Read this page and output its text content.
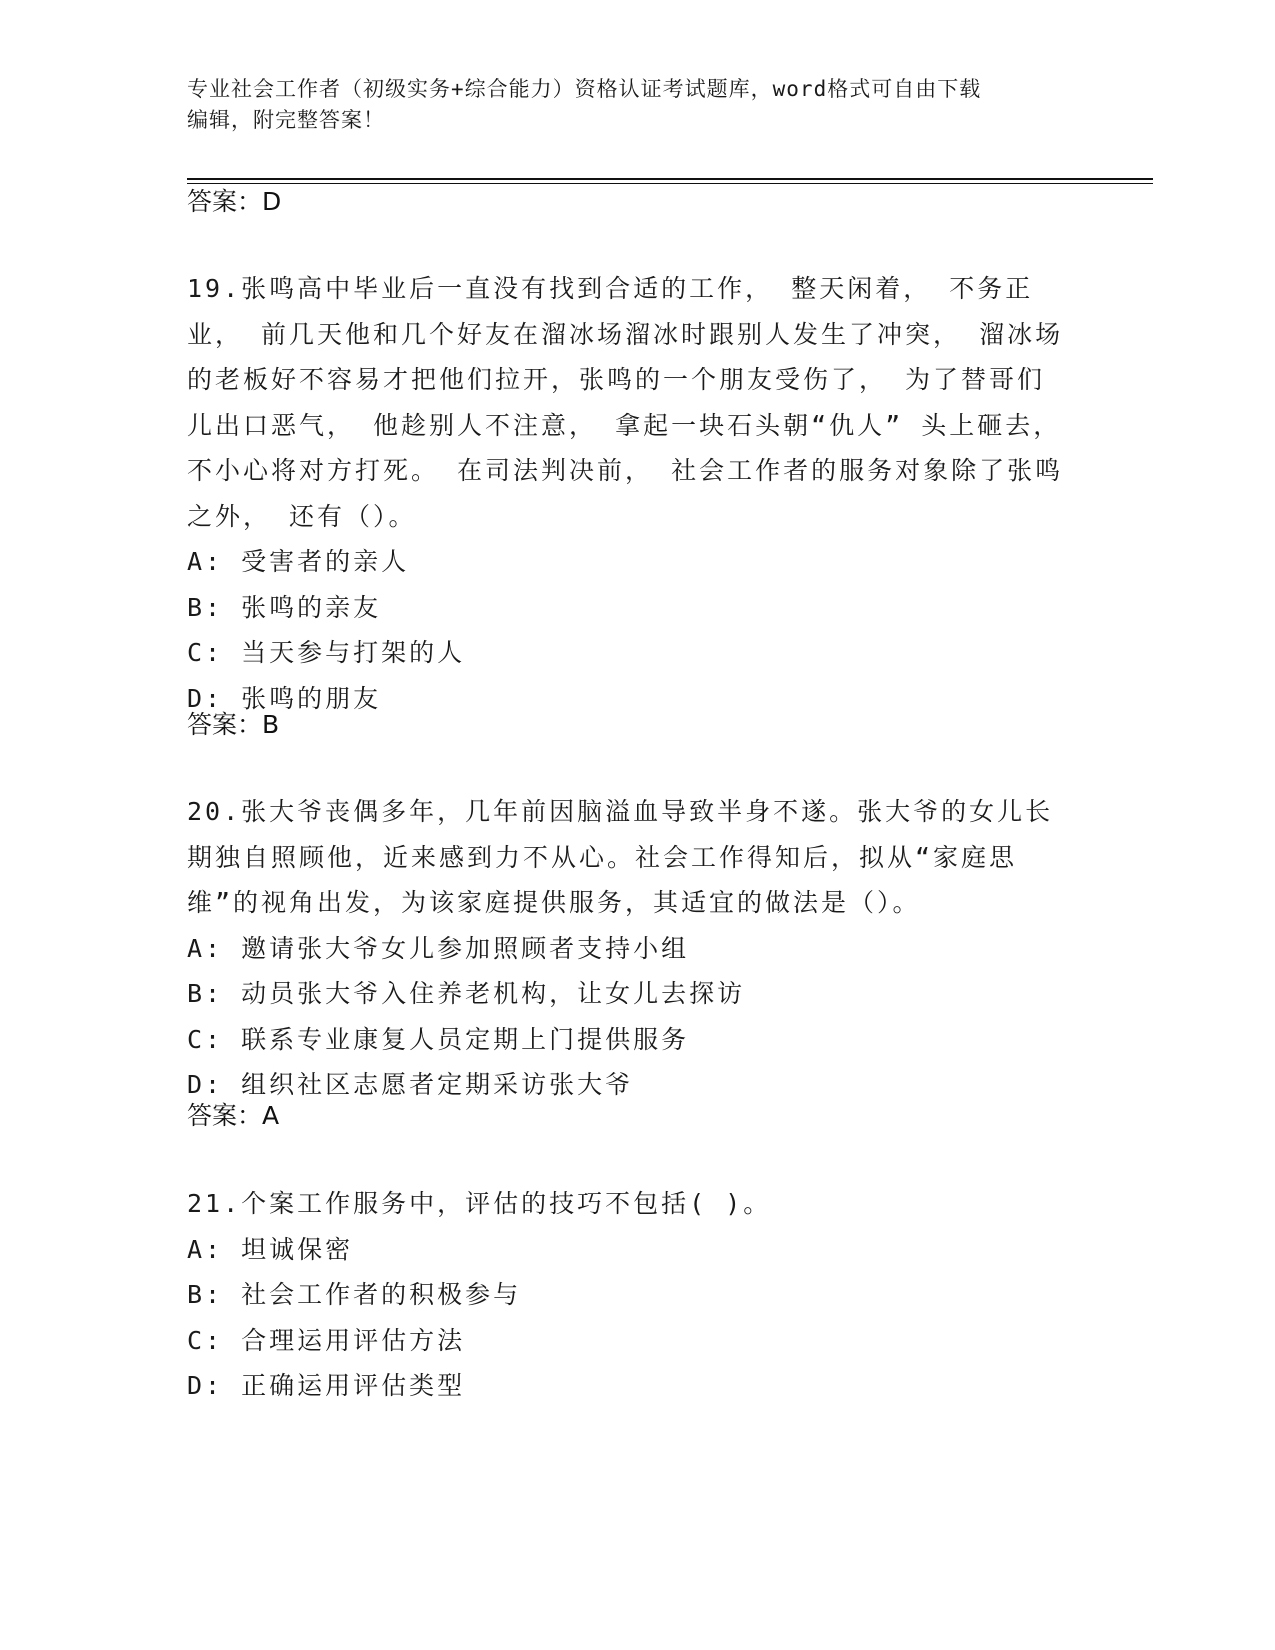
专业社会工作者（初级实务+综合能力）资格认证考试题库，word格式可自由下载
编辑，附完整答案！
答案：D
19.张鸣高中毕业后一直没有找到合适的工作， 整天闲着， 不务正业， 前几天他和几个好友在溜冰场溜冰时跟别人发生了冲突， 溜冰场的老板好不容易才把他们拉开，张鸣的一个朋友受伤了， 为了替哥们儿出口恶气， 他趁别人不注意， 拿起一块石头朝“仇人” 头上砸去， 不小心将对方打死。 在司法判决前， 社会工作者的服务对象除了张鸣之外， 还有（）。
A: 受害者的亲人
B: 张鸣的亲友
C: 当天参与打架的人
D: 张鸣的朋友
答案：B
20.张大爷丧偶多年，几年前因脑溢血导致半身不遂。张大爷的女儿长期独自照顾他，近来感到力不从心。社会工作得知后，拟从“家庭思维”的视角出发，为该家庭提供服务，其适宜的做法是（）。
A: 邀请张大爷女儿参加照顾者支持小组
B: 动员张大爷入住养老机构，让女儿去探访
C: 联系专业康复人员定期上门提供服务
D: 组织社区志愿者定期采访张大爷
答案：A
21.个案工作服务中，评估的技巧不包括( )。
A: 坦诚保密
B: 社会工作者的积极参与
C: 合理运用评估方法
D: 正确运用评估类型
